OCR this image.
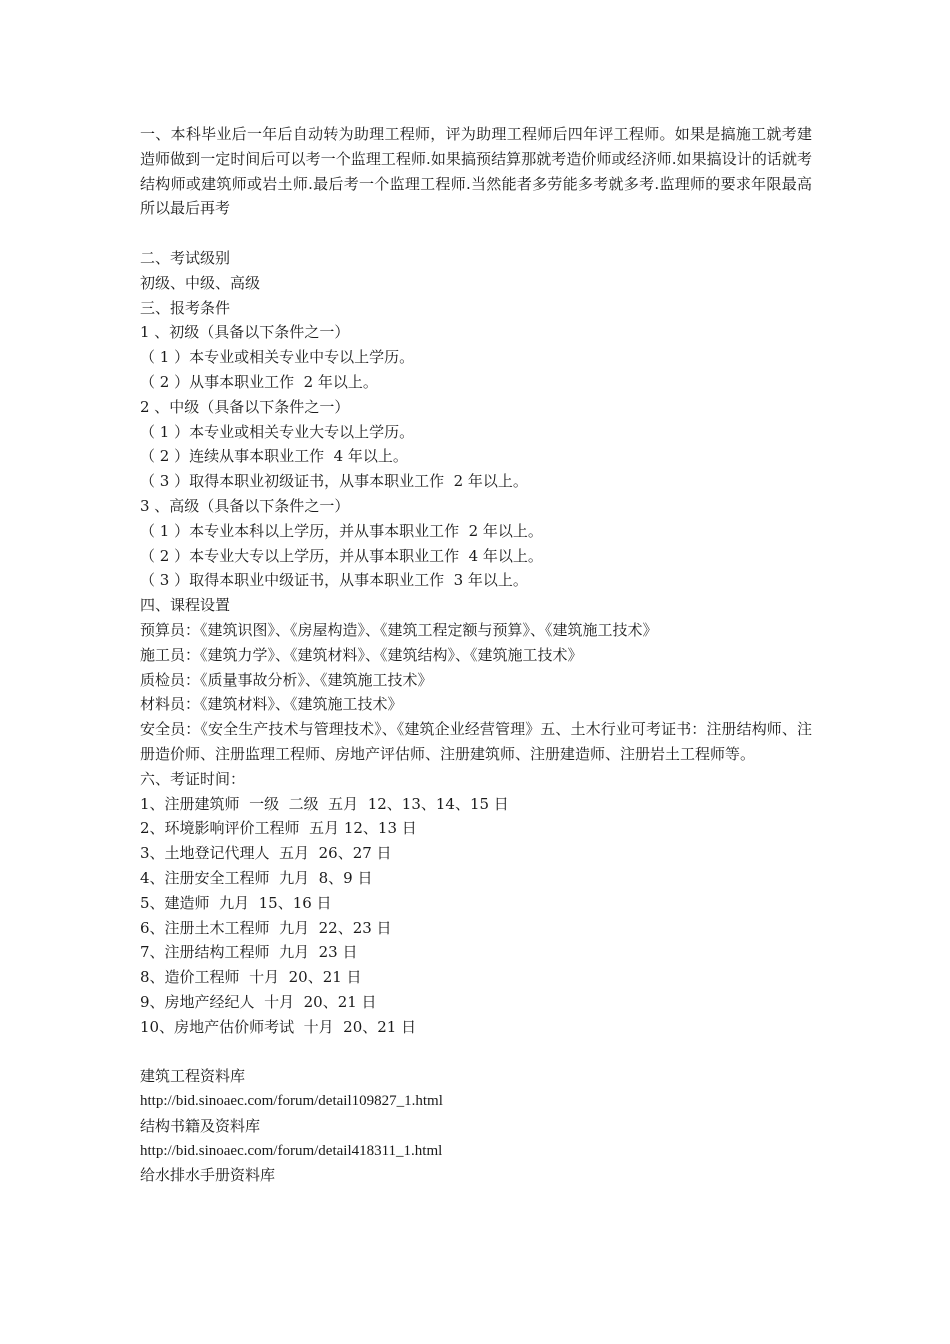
一、本科毕业后一年后自动转为助理工程师，评为助理工程师后四年评工程师。如果是搞施工就考建造师做到一定时间后可以考一个监理工程师.如果搞预结算那就考造价师或经济师.如果搞设计的话就考结构师或建筑师或岩土师.最后考一个监理工程师.当然能者多劳能多考就多考.监理师的要求年限最高所以最后再考

二、考试级别
初级、中级、高级
三、报考条件
1 、初级（具备以下条件之一）
（ 1 ）本专业或相关专业中专以上学历。
（ 2 ）从事本职业工作  2 年以上。
2 、中级（具备以下条件之一）
（ 1 ）本专业或相关专业大专以上学历。
（ 2 ）连续从事本职业工作  4 年以上。
（ 3 ）取得本职业初级证书，从事本职业工作  2 年以上。
3 、高级（具备以下条件之一）
（ 1 ）本专业本科以上学历，并从事本职业工作  2 年以上。
（ 2 ）本专业大专以上学历，并从事本职业工作  4 年以上。
（ 3 ）取得本职业中级证书，从事本职业工作  3 年以上。
四、课程设置
预算员：《建筑识图》、《房屋构造》、《建筑工程定额与预算》、《建筑施工技术》
施工员：《建筑力学》、《建筑材料》、《建筑结构》、《建筑施工技术》
质检员：《质量事故分析》、《建筑施工技术》
材料员：《建筑材料》、《建筑施工技术》

安全员：《安全生产技术与管理技术》、《建筑企业经营管理》五、土木行业可考证书：注册结构师、注册造价师、注册监理工程师、房地产评估师、注册建筑师、注册建造师、注册岩土工程师等。

六、考证时间：
1、注册建筑师  一级  二级  五月  12、13、14、15 日
2、环境影响评价工程师  五月 12、13 日
3、土地登记代理人  五月  26、27 日
4、注册安全工程师  九月  8、9 日
5、建造师  九月  15、16 日
6、注册土木工程师  九月  22、23 日
7、注册结构工程师  九月  23 日
8、造价工程师  十月  20、21 日
9、房地产经纪人  十月  20、21 日
10、房地产估价师考试  十月  20、21 日
建筑工程资料库
http://bid.sinoaec.com/forum/detail109827_1.html
结构书籍及资料库
http://bid.sinoaec.com/forum/detail418311_1.html
给水排水手册资料库
